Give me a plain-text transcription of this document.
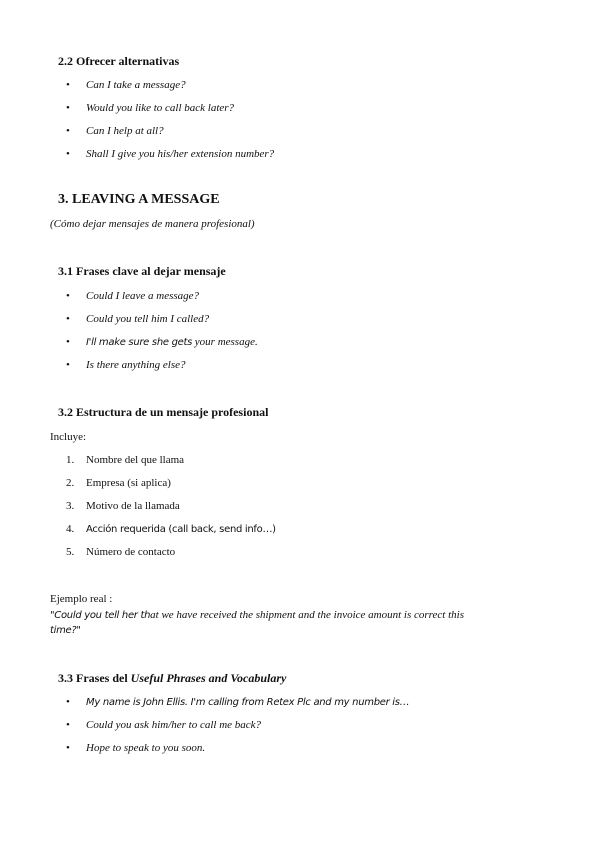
2.2 Ofrecer alternativas
• Can I take a message?
• Would you like to call back later?
• Can I help at all?
• Shall I give you his/her extension number?
3. LEAVING A MESSAGE
(Cómo dejar mensajes de manera profesional)
3.1 Frases clave al dejar mensaje
• Could I leave a message?
• Could you tell him I called?
• I'll make sure she gets your message.
• Is there anything else?
3.2 Estructura de un mensaje profesional
Incluye:
1. Nombre del que llama
2. Empresa (si aplica)
3. Motivo de la llamada
4. Acción requerida (call back, send info…)
5. Número de contacto
Ejemplo real :
"Could you tell her that we have received the shipment and the invoice amount is correct this
time?"
3.3 Frases del Useful Phrases and Vocabulary
• My name is John Ellis. I'm calling from Retex Plc and my number is…
• Could you ask him/her to call me back?
• Hope to speak to you soon.
